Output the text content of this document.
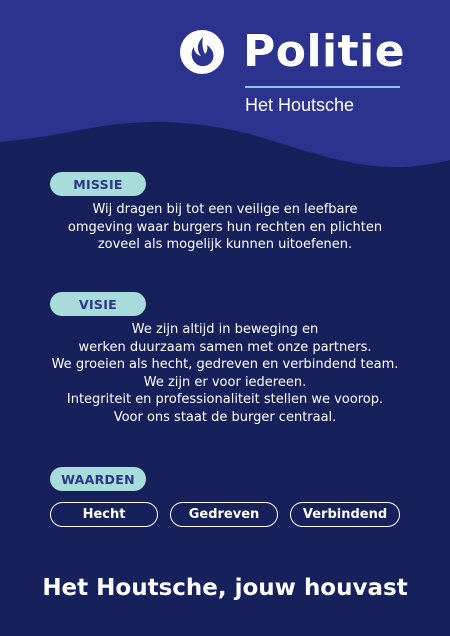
Politie
Het Houtsche
MISSIE
Wij dragen bij tot een veilige en leefbare
omgeving waar burgers hun rechten en plichten
zoveel als mogelijk kunnen uitoefenen.
VISIE
We zijn altijd in beweging en
werken duurzaam samen met onze partners.
We groeien als hecht, gedreven en verbindend team.
We zijn er voor iedereen.
Integriteit en professionaliteit stellen we voorop.
Voor ons staat de burger centraal.
WAARDEN
Hecht	Gedreven	Verbindend
Het Houtsche, jouw houvast
